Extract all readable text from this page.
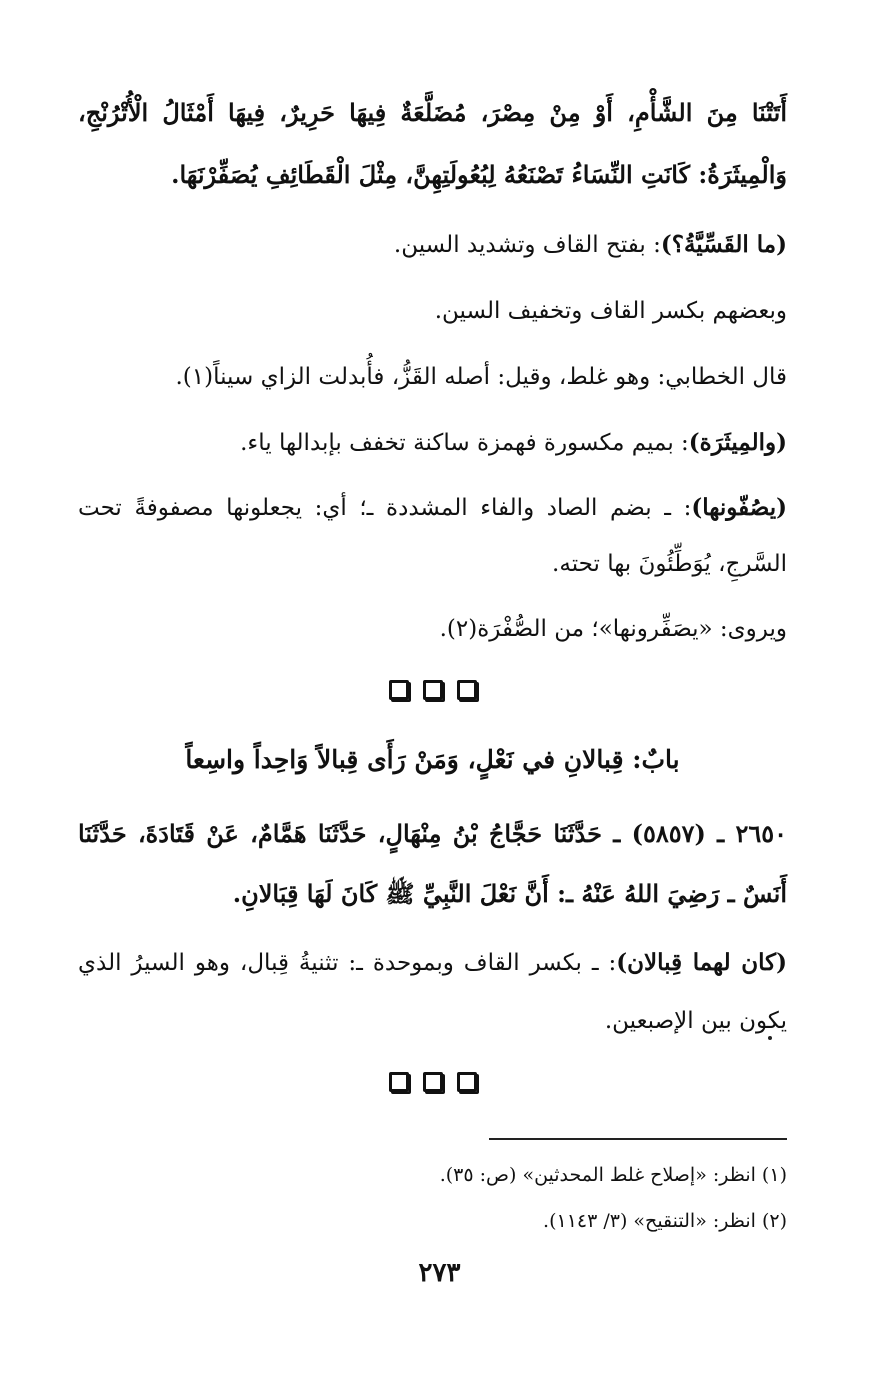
أَتَتْنَا مِنَ الشَّأْمِ، أَوْ مِنْ مِصْرَ، مُضَلَّعَةٌ فِيهَا حَرِيرٌ، فِيهَا أَمْثَالُ الْأُتْرُنْجِ، وَالْمِيثَرَةُ: كَانَتِ النِّسَاءُ تَصْنَعُهُ لِبُعُولَتِهِنَّ، مِثْلَ الْقَطَائِفِ يُصَفِّرْنَهَا.

(ما القَسِّيَّةُ؟): بفتح القاف وتشديد السين.

وبعضهم بكسر القاف وتخفيف السين.

قال الخطابي: وهو غلط، وقيل: أصله القَزُّ، فأُبدلت الزاي سيناً(١).

(والمِيثَرَة): بميم مكسورة فهمزة ساكنة تخفف بإبدالها ياء.

(يصُفّونها): ـ بضم الصاد والفاء المشددة ـ؛ أي: يجعلونها مصفوفةً تحت السَّرجِ، يُوَطِّئُونَ بها تحته.

ويروى: «يصَفِّرونها»؛ من الصُّفْرَة(٢).

بابٌ: قِبالانِ في نَعْلٍ، وَمَنْ رَأَى قِبالاً وَاحِداً واسِعاً

٢٦٥٠ ـ (٥٨٥٧) ـ حَدَّثَنَا حَجَّاجُ بْنُ مِنْهَالٍ، حَدَّثَنَا هَمَّامٌ، عَنْ قَتَادَةَ، حَدَّثَنَا أَنَسٌ ـ رَضِيَ اللهُ عَنْهُ ـ: أَنَّ نَعْلَ النَّبِيِّ ﷺ كَانَ لَهَا قِبَالانِ.

(كان لهما قِبالان): ـ بكسر القاف وبموحدة ـ: تثنيةُ قِبال، وهو السيرُ الذي يكون بين الإصبعين.

(١) انظر: «إصلاح غلط المحدثين» (ص: ٣٥).
(٢) انظر: «التنقيح» (٣/ ١١٤٣).
٢٧٣
